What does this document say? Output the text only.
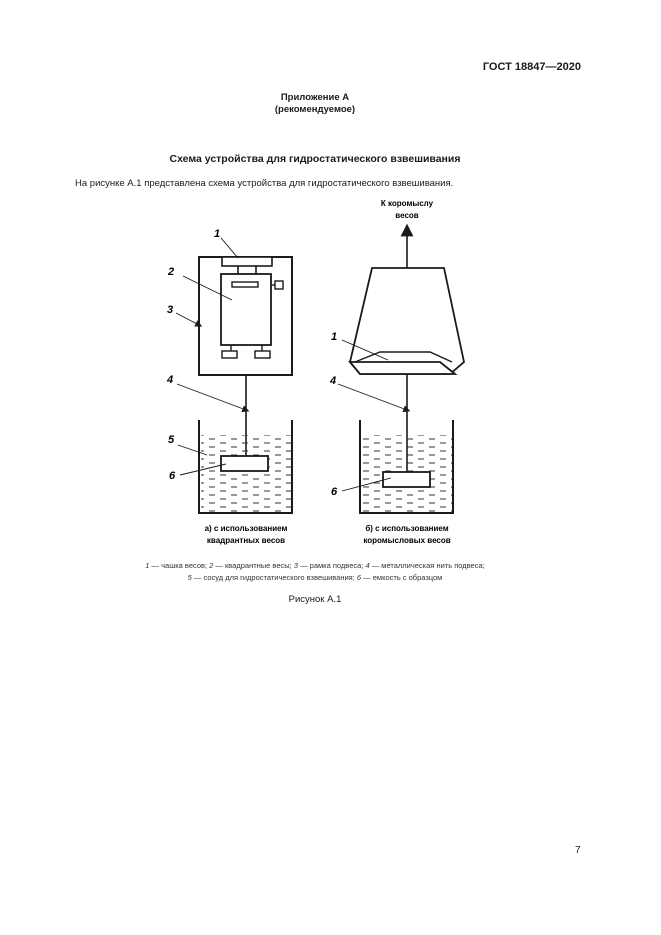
ГОСТ 18847—2020
Приложение А
(рекомендуемое)
Схема устройства для гидростатического взвешивания
На рисунке А.1 представлена схема устройства для гидростатического взвешивания.
1
2
3
4
5
6
а) с использованием
квадрантных весов
К коромыслу
весов
1
4
6
б) с использованием
коромысловых весов
1 — чашка весов; 2 — квадрантные весы; 3 — рамка подвеса; 4 — металлическая нить подвеса;
5 — сосуд для гидростатического взвешивания; 6 — емкость с образцом
Рисунок А.1
7
